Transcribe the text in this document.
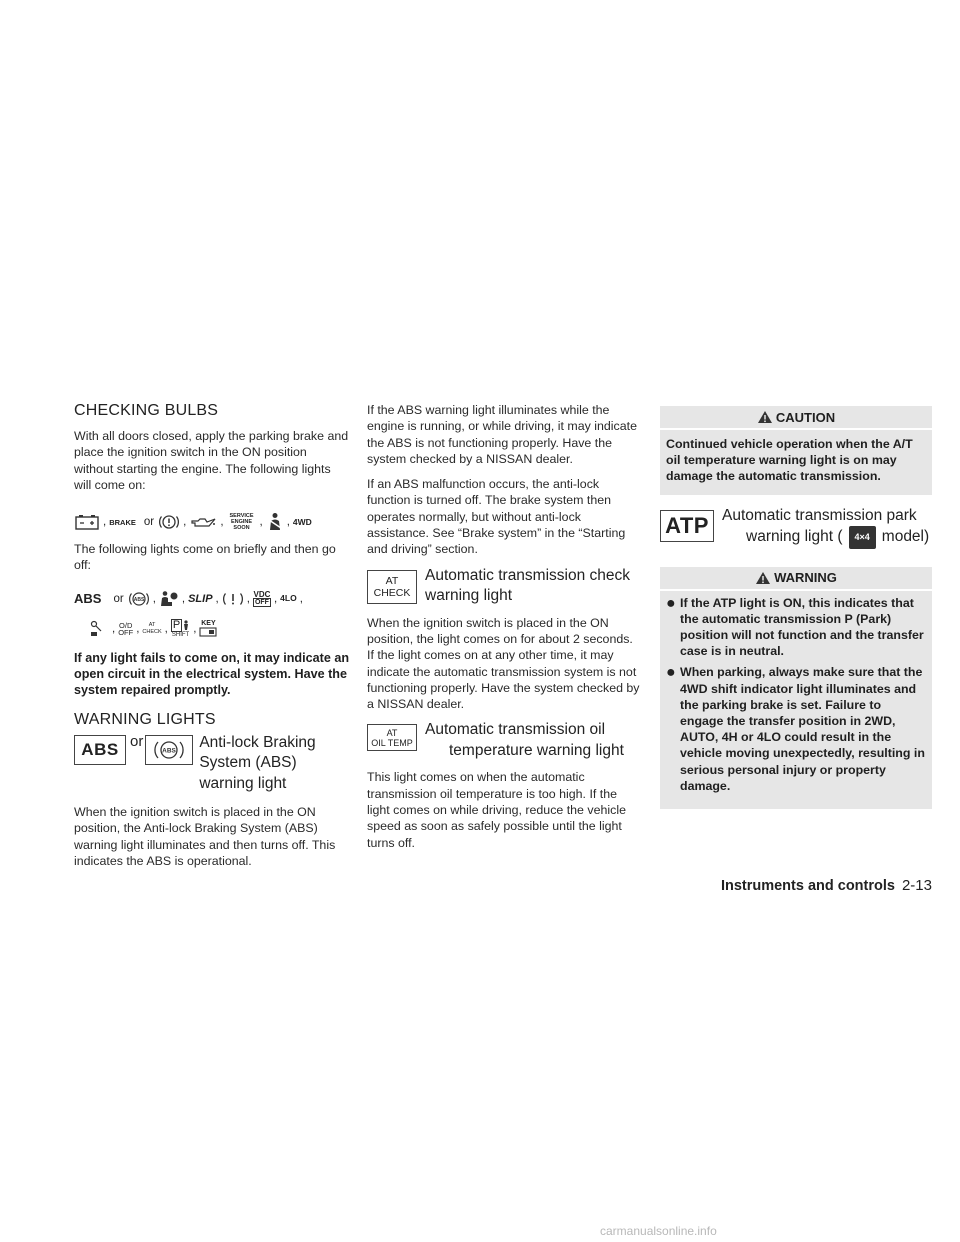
CHECKING BULBS

With all doors closed, apply the parking brake and place the ignition switch in the ON position without starting the engine. The following lights will come on:

, BRAKE or	,	,	SERVICE ENGINE SOON , , 4WD

The following lights come on briefly and then go off:

ABS or ABS , , SLIP , , VDC
OFF , 4LO ,
, O/D
OFF , AT
CHECK , P
SHIFT , KEY

If any light fails to come on, it may indicate an open circuit in the electrical system. Have the system repaired promptly.

WARNING LIGHTS
ABS or
ABS Anti-lock Braking
System (ABS)
warning light

When the ignition switch is placed in the ON position, the Anti-lock Braking System (ABS) warning light illuminates and then turns off. This indicates the ABS is operational.

If the ABS warning light illuminates while the engine is running, or while driving, it may indicate the ABS is not functioning properly. Have the system checked by a NISSAN dealer.

If an ABS malfunction occurs, the anti-lock function is turned off. The brake system then operates normally, but without anti-lock assistance. See “Brake system” in the “Starting and driving” section.

AT
CHECK
Automatic transmission check
warning light

When the ignition switch is placed in the ON position, the light comes on for about 2 seconds. If the light comes on at any other time, it may indicate the automatic transmission system is not functioning properly. Have the system checked by a NISSAN dealer.

AT
OIL TEMP
Automatic transmission oil
temperature warning light

This light comes on when the automatic transmission oil temperature is too high. If the light comes on while driving, reduce the vehicle speed as soon as safely possible until the light turns off.

CAUTION

Continued vehicle operation when the A/T oil temperature warning light is on may damage the automatic transmission.

ATP Automatic transmission park
warning light (	4×4 model)
WARNING
● If the ATP light is ON, this indicates that the automatic transmission P (Park) position will not function and the transfer case is in neutral.
● When parking, always make sure that the 4WD shift indicator light illuminates and the parking brake is set. Failure to engage the transfer position in 2WD, AUTO, 4H or 4LO could result in the vehicle moving unexpectedly, resulting in serious personal injury or property damage.
Instruments and controls 2-13
carmanualsonline.info
